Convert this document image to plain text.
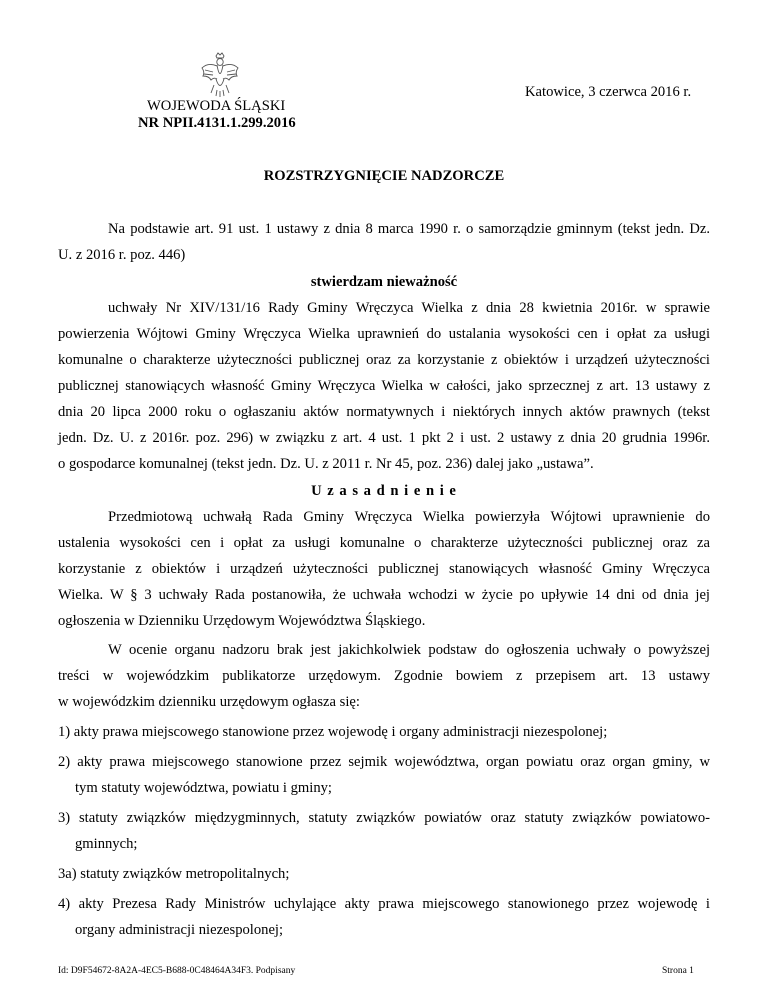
Katowice, 3 czerwca 2016 r.
WOJEWODA ŚLĄSKI
NR NPII.4131.1.299.2016
ROZSTRZYGNIĘCIE NADZORCZE
Na podstawie art. 91 ust. 1 ustawy z dnia 8 marca 1990 r. o samorządzie gminnym (tekst jedn. Dz.
U. z 2016 r. poz. 446)
stwierdzam nieważność
uchwały Nr XIV/131/16 Rady Gminy Wręczyca Wielka z dnia 28 kwietnia 2016r. w sprawie
powierzenia Wójtowi Gminy Wręczyca Wielka uprawnień do ustalania wysokości cen i opłat za usługi
komunalne o charakterze użyteczności publicznej oraz za korzystanie z obiektów i urządzeń użyteczności
publicznej stanowiących własność Gminy Wręczyca Wielka w całości, jako sprzecznej z art. 13 ustawy z
dnia 20 lipca 2000 roku o ogłaszaniu aktów normatywnych i niektórych innych aktów prawnych (tekst
jedn. Dz. U. z 2016r. poz. 296) w związku z art. 4 ust. 1 pkt 2 i ust. 2 ustawy z dnia 20 grudnia 1996r.
o gospodarce komunalnej (tekst jedn. Dz. U. z 2011 r. Nr 45, poz. 236) dalej jako „ustawa”.
U z a s a d n i e n i e
Przedmiotową uchwałą Rada Gminy Wręczyca Wielka powierzyła Wójtowi uprawnienie do
ustalenia wysokości cen i opłat za usługi komunalne o charakterze użyteczności publicznej oraz za
korzystanie z obiektów i urządzeń użyteczności publicznej stanowiących własność Gminy Wręczyca
Wielka. W § 3 uchwały Rada postanowiła, że uchwała wchodzi w życie po upływie 14 dni od dnia jej
ogłoszenia w Dzienniku Urzędowym Województwa Śląskiego.
W ocenie organu nadzoru brak jest jakichkolwiek podstaw do ogłoszenia uchwały o powyższej
treści w wojewódzkim publikatorze urzędowym. Zgodnie bowiem z przepisem art. 13 ustawy
w wojewódzkim dzienniku urzędowym ogłasza się:
1) akty prawa miejscowego stanowione przez wojewodę i organy administracji niezespolonej;
2) akty prawa miejscowego stanowione przez sejmik województwa, organ powiatu oraz organ gminy, w
tym statuty województwa, powiatu i gminy;
3) statuty związków międzygminnych, statuty związków powiatów oraz statuty związków powiatowo-
gminnych;
3a) statuty związków metropolitalnych;
4) akty Prezesa Rady Ministrów uchylające akty prawa miejscowego stanowionego przez wojewodę i
organy administracji niezespolonej;
Id: D9F54672-8A2A-4EC5-B688-0C48464A34F3. Podpisany	Strona 1
